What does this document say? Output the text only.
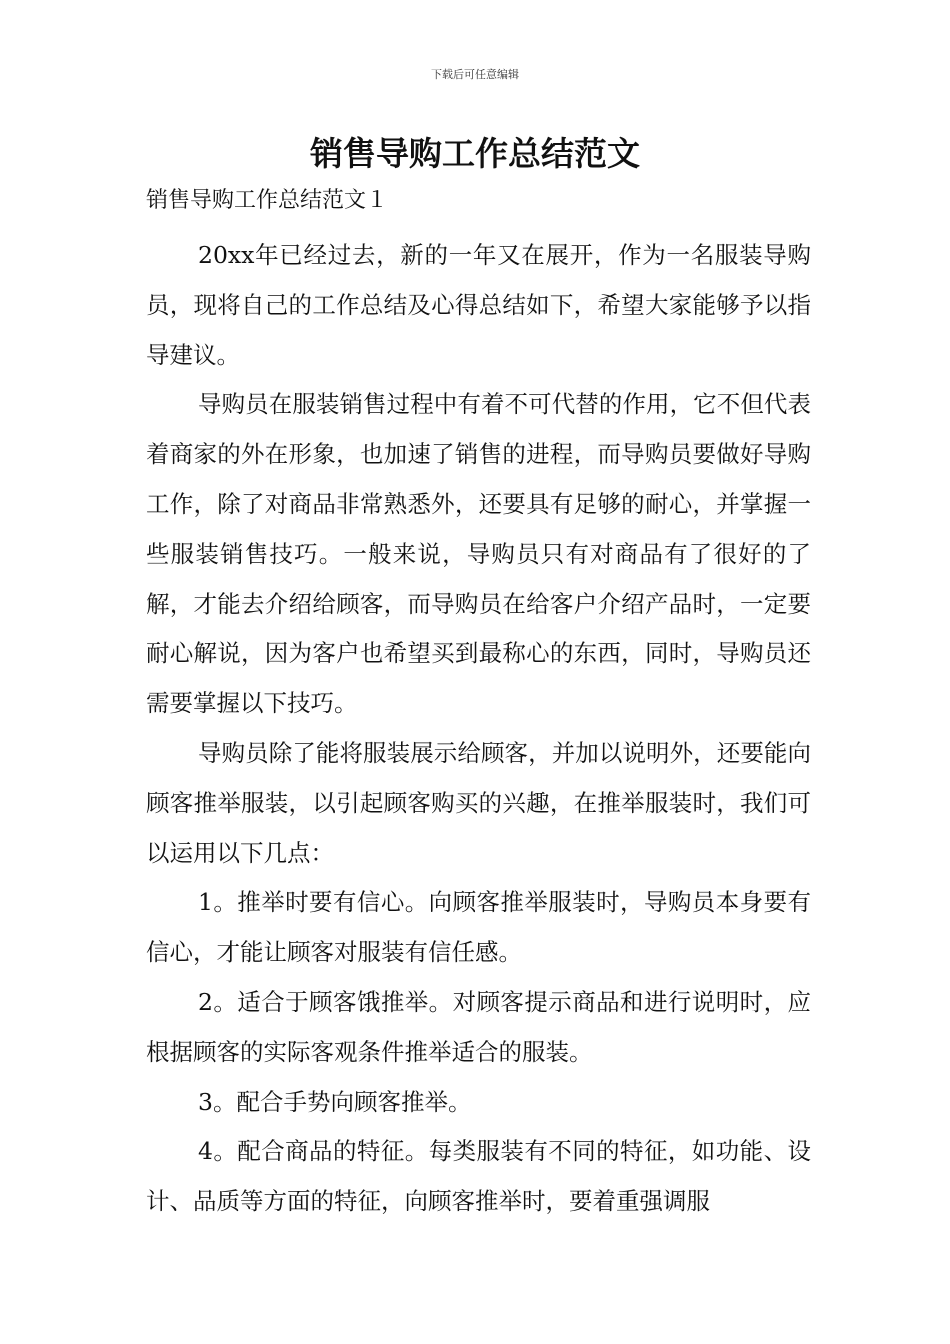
下载后可任意编辑
销售导购工作总结范文

销售导购工作总结范文１

20xx年已经过去，新的一年又在展开，作为一名服装导购员，现将自己的工作总结及心得总结如下，希望大家能够予以指导建议。

导购员在服装销售过程中有着不可代替的作用，它不但代表着商家的外在形象，也加速了销售的进程，而导购员要做好导购工作，除了对商品非常熟悉外，还要具有足够的耐心，并掌握一些服装销售技巧。一般来说，导购员只有对商品有了很好的了解，才能去介绍给顾客，而导购员在给客户介绍产品时，一定要耐心解说，因为客户也希望买到最称心的东西，同时，导购员还需要掌握以下技巧。

导购员除了能将服装展示给顾客，并加以说明外，还要能向顾客推举服装，以引起顾客购买的兴趣，在推举服装时，我们可以运用以下几点：

1。推举时要有信心。向顾客推举服装时，导购员本身要有信心，才能让顾客对服装有信任感。

2。适合于顾客饿推举。对顾客提示商品和进行说明时，应根据顾客的实际客观条件推举适合的服装。

3。配合手势向顾客推举。

4。配合商品的特征。每类服装有不同的特征，如功能、设计、品质等方面的特征，向顾客推举时，要着重强调服
